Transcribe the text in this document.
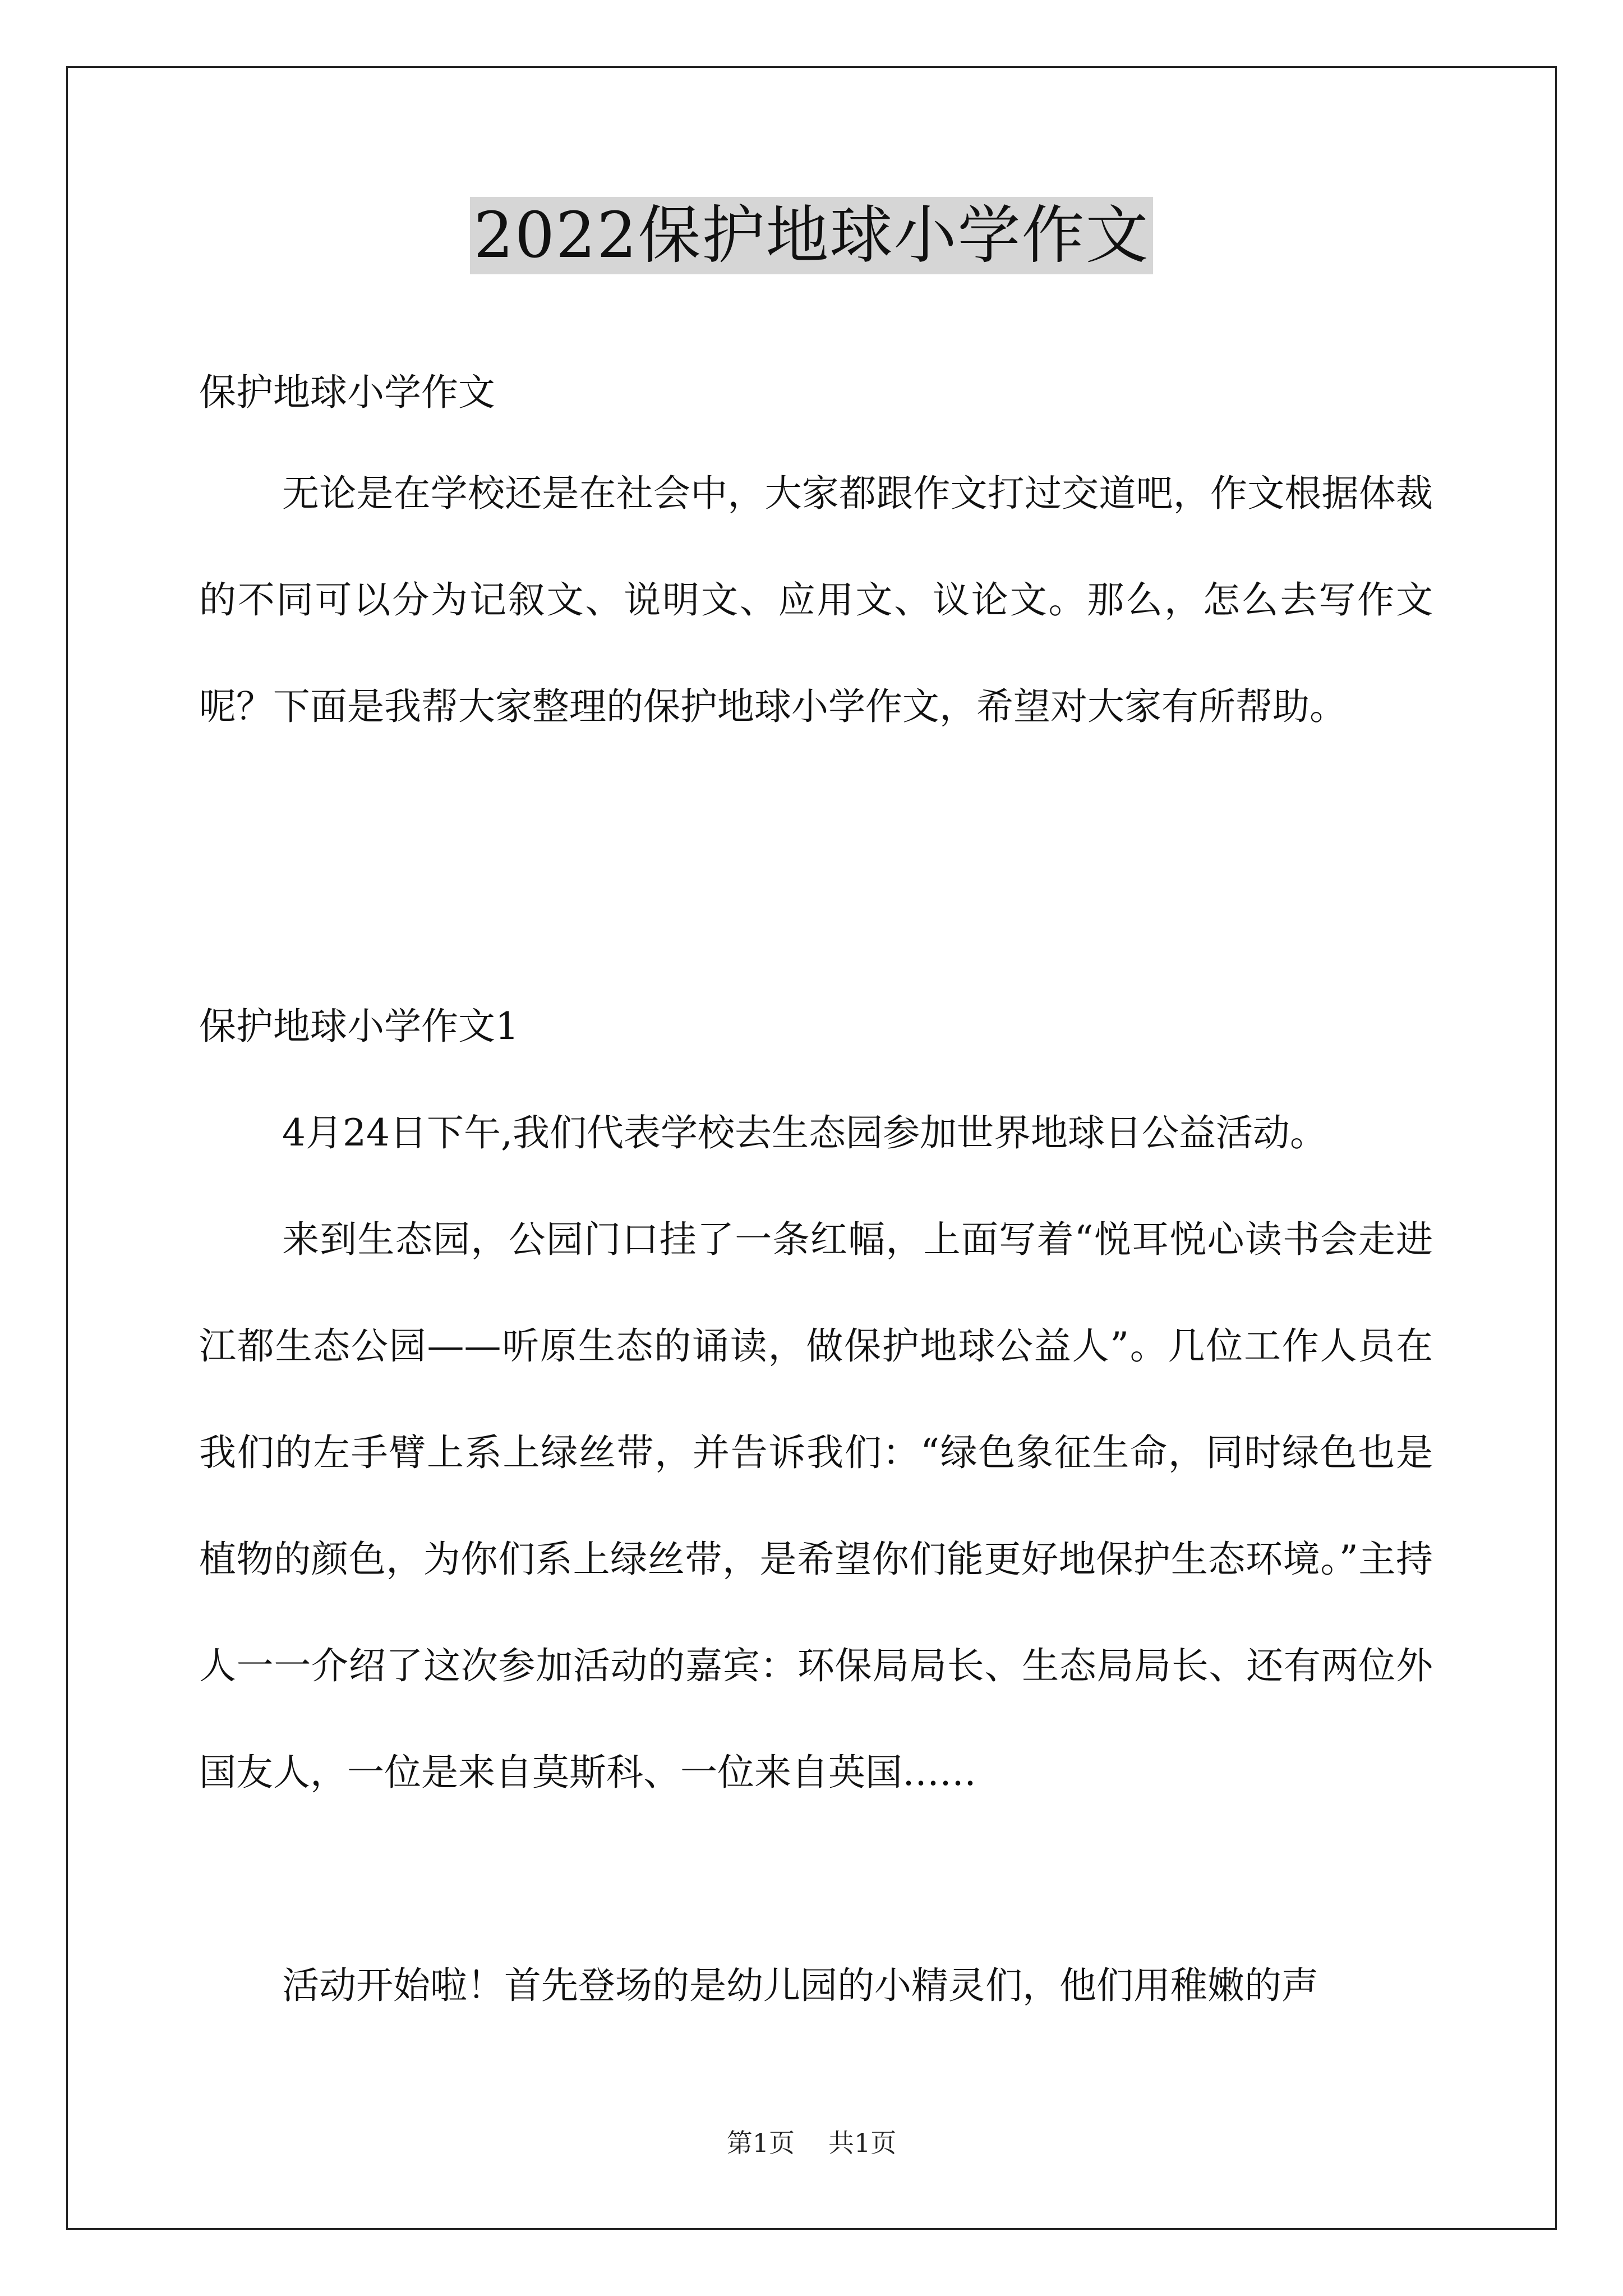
2022保护地球小学作文
保护地球小学作文
无论是在学校还是在社会中，大家都跟作文打过交道吧，作文根据体裁的不同可以分为记叙文、说明文、应用文、议论文。那么，怎么去写作文呢？下面是我帮大家整理的保护地球小学作文，希望对大家有所帮助。
保护地球小学作文1
4月24日下午,我们代表学校去生态园参加世界地球日公益活动。
来到生态园，公园门口挂了一条红幅，上面写着“悦耳悦心读书会走进江都生态公园——听原生态的诵读，做保护地球公益人”。几位工作人员在我们的左手臂上系上绿丝带，并告诉我们：“绿色象征生命，同时绿色也是植物的颜色，为你们系上绿丝带，是希望你们能更好地保护生态环境。”主持人一一介绍了这次参加活动的嘉宾：环保局局长、生态局局长、还有两位外国友人，一位是来自莫斯科、一位来自英国……
活动开始啦！首先登场的是幼儿园的小精灵们，他们用稚嫩的声
第1页 共1页
